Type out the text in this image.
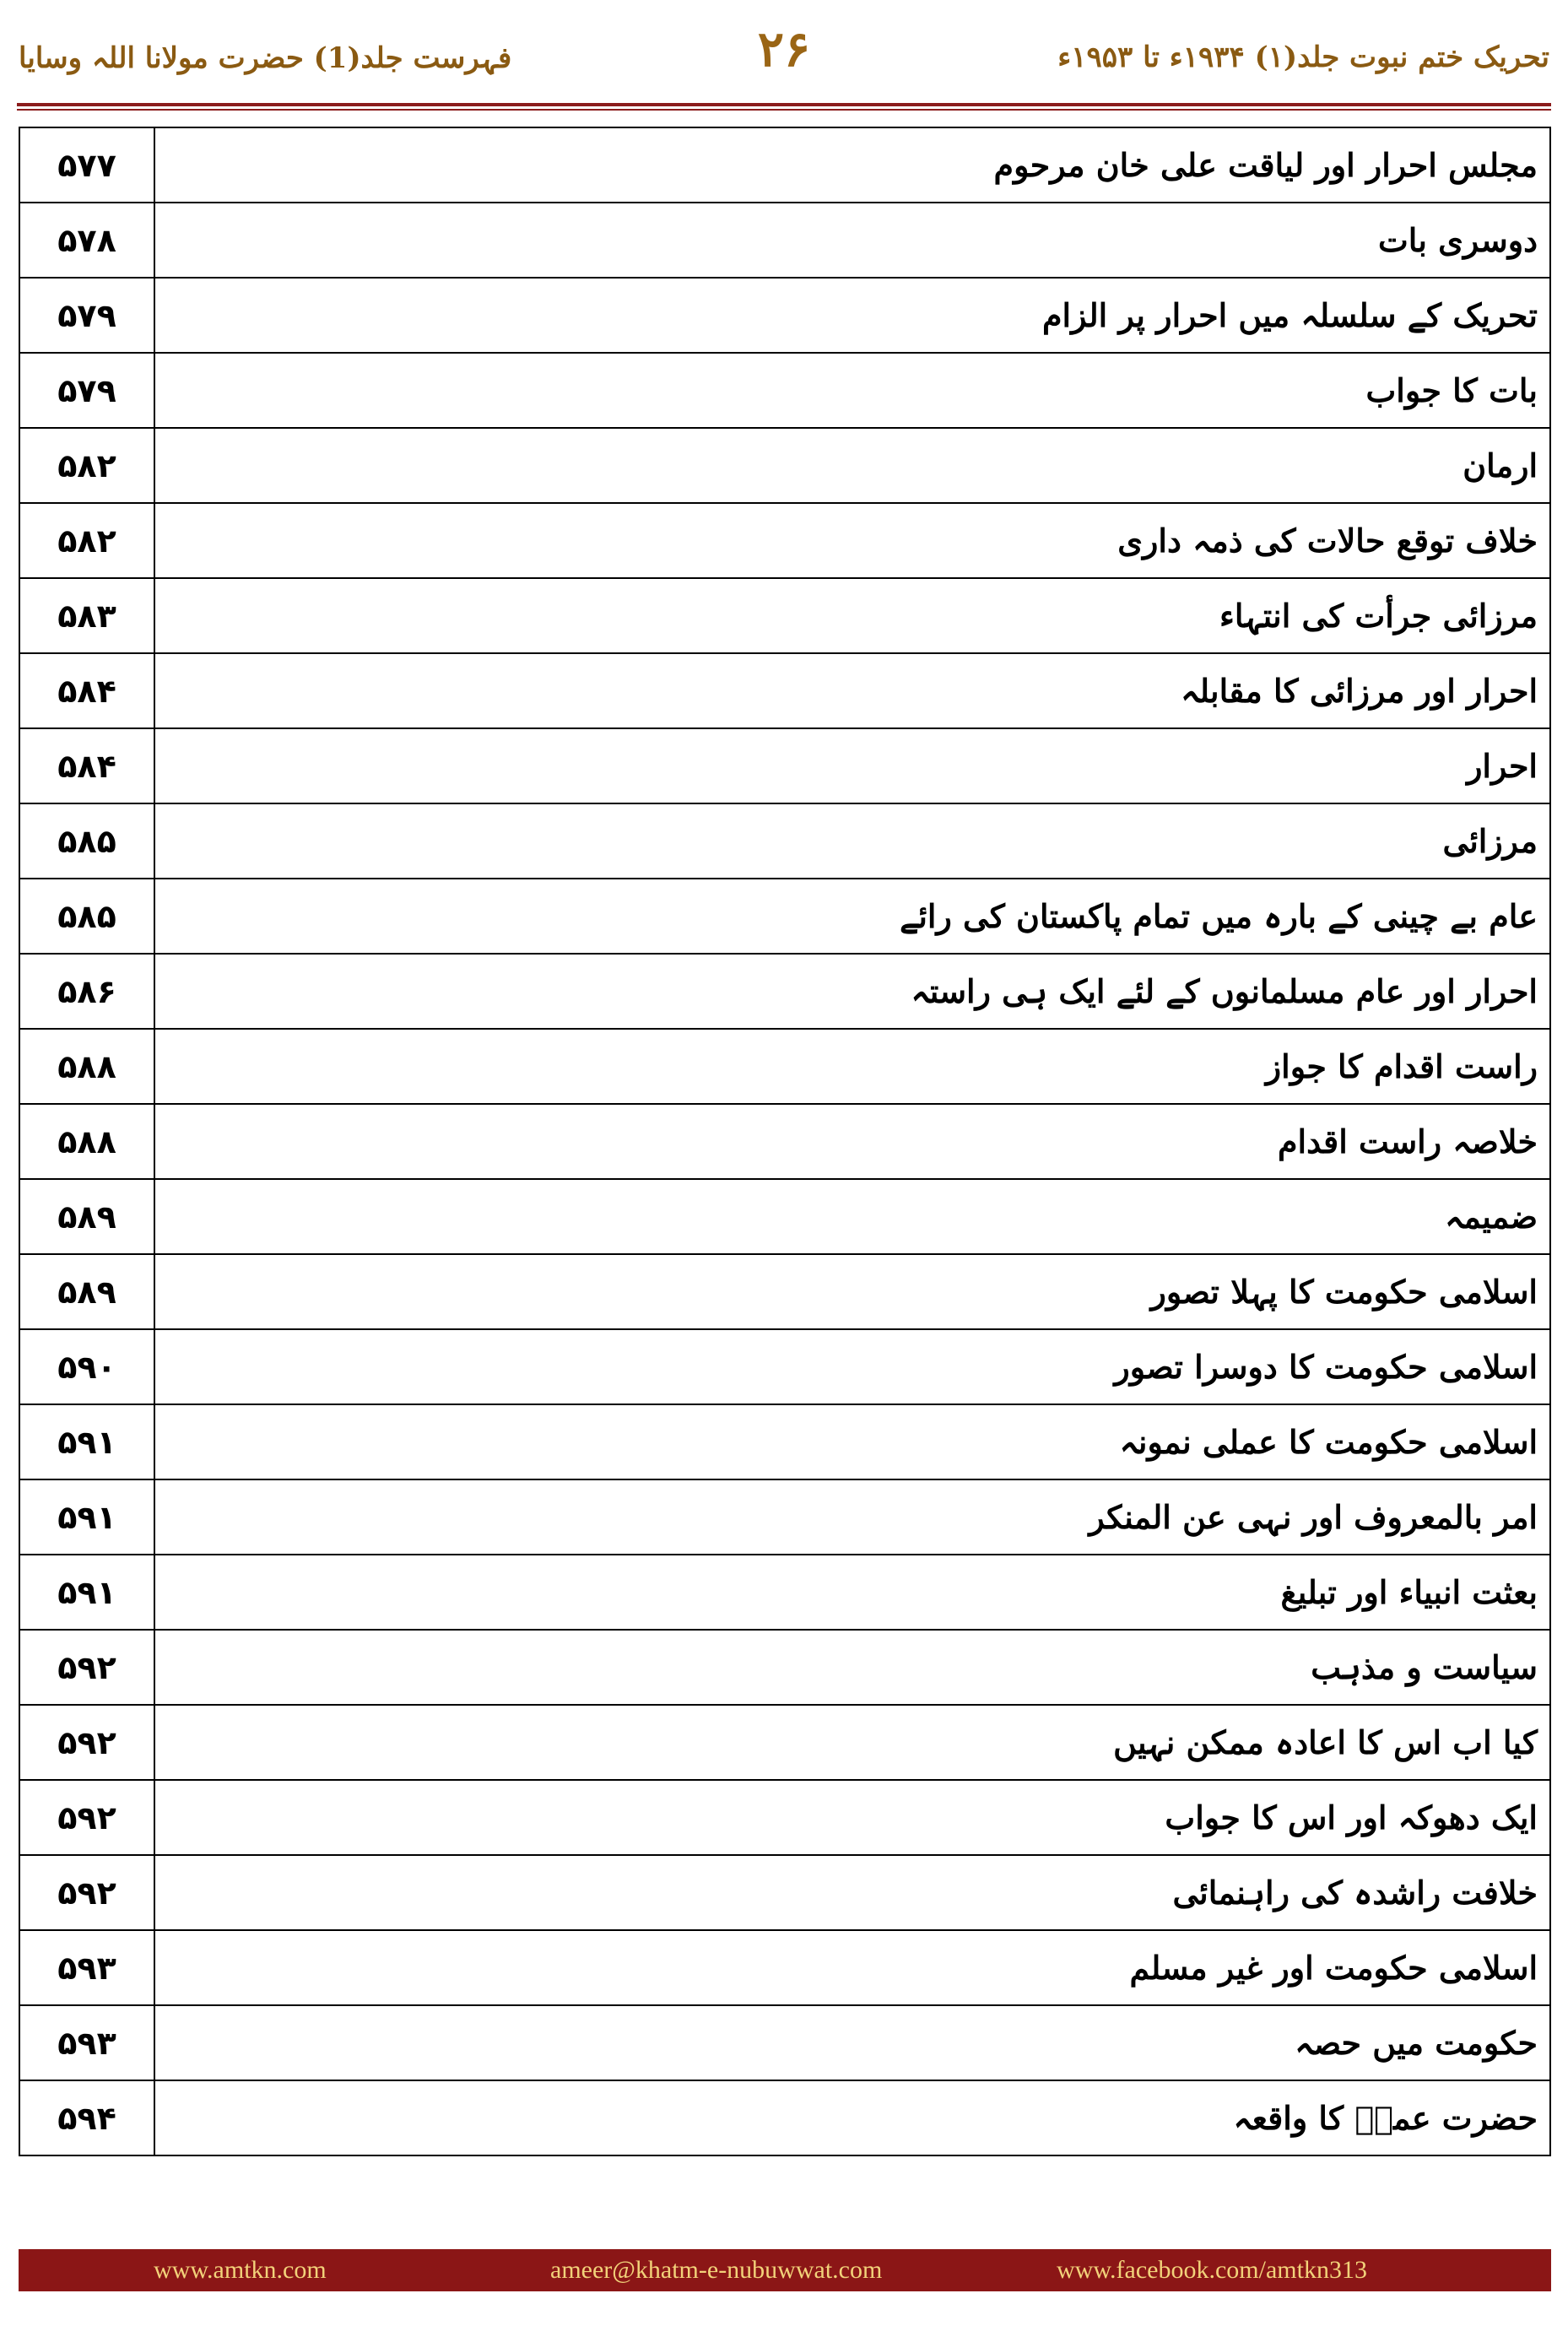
فہرست جلد(1) حضرت مولانا اللہ وسایا	۲۶	تحریک ختم نبوت جلد(۱) ۱۹۳۴ء تا ۱۹۵۳ء
۵۷۷	مجلس احرار اور لیاقت علی خان مرحوم
۵۷۸	دوسری بات
۵۷۹	تحریک کے سلسلہ میں احرار پر الزام
۵۷۹	بات کا جواب
۵۸۲	ارمان
۵۸۲	خلاف توقع حالات کی ذمہ داری
۵۸۳	مرزائی جرأت کی انتہاء
۵۸۴	احرار اور مرزائی کا مقابلہ
۵۸۴	احرار
۵۸۵	مرزائی
۵۸۵	عام بے چینی کے بارہ میں تمام پاکستان کی رائے
۵۸۶	احرار اور عام مسلمانوں کے لئے ایک ہی راستہ
۵۸۸	راست اقدام کا جواز
۵۸۸	خلاصہ راست اقدام
۵۸۹	ضمیمہ
۵۸۹	اسلامی حکومت کا پہلا تصور
۵۹۰	اسلامی حکومت کا دوسرا تصور
۵۹۱	اسلامی حکومت کا عملی نمونہ
۵۹۱	امر بالمعروف اور نہی عن المنکر
۵۹۱	بعثت انبیاء اور تبلیغ
۵۹۲	سیاست و مذہب
۵۹۲	کیا اب اس کا اعادہ ممکن نہیں
۵۹۲	ایک دھوکہ اور اس کا جواب
۵۹۲	خلافت راشدہ کی راہنمائی
۵۹۳	اسلامی حکومت اور غیر مسلم
۵۹۳	حکومت میں حصہ
۵۹۴	حضرت عمرؓ کا واقعہ
www.amtkn.com	ameer@khatm-e-nubuwwat.com	www.facebook.com/amtkn313
